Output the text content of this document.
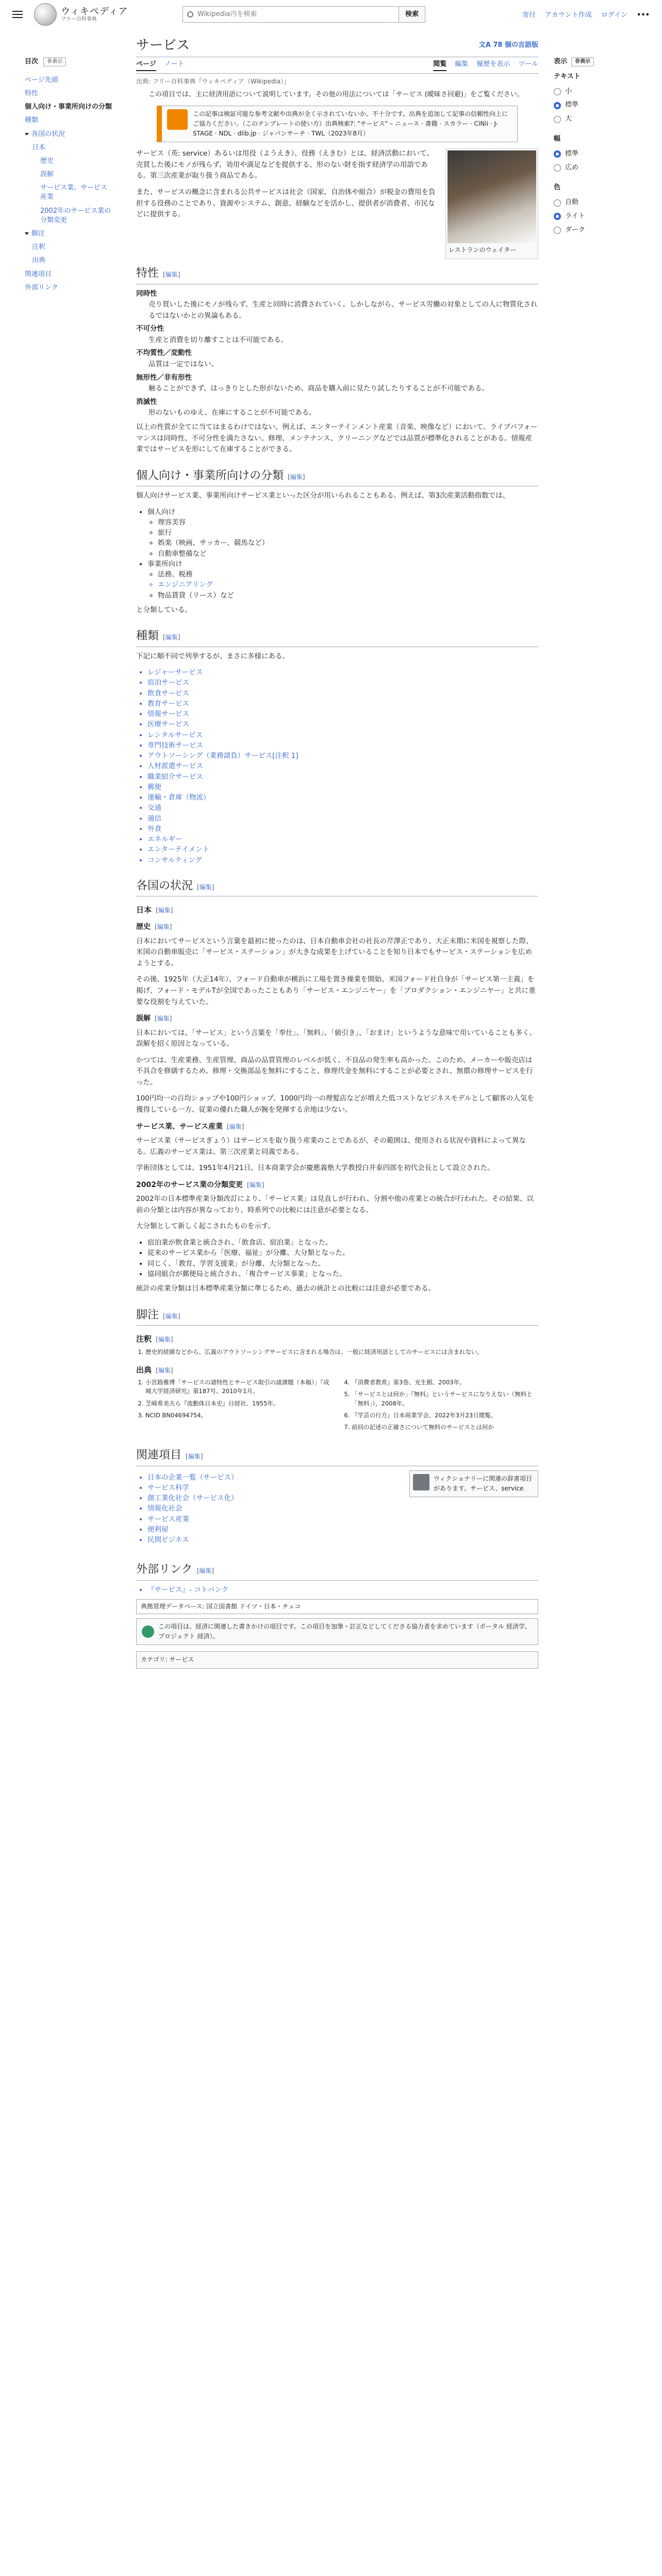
ウィキペディア
フリー百科事典
Wikipedia内を検索	検索	寄付 アカウント作成 ログイン •••
目次	非表示
ページ先頭
特性
個人向け・事業所向けの分類
種類
各国の状況
日本
歴史
誤解
サービス業、サービス産業
2002年のサービス業の分類変更
脚注
注釈
出典
関連項目
外部リンク
表示	非表示
テキスト
小
標準
大
幅
標準
広め
色
自動
ライト
ダーク
サービス	文A 78 個の言語版
ページ ノート	閲覧 編集 履歴を表示 ツール
出典: フリー百科事典『ウィキペディア（Wikipedia）』
この項目では、主に経済用語について説明しています。その他の用法については「サービス (曖昧さ回避)」をご覧ください。
この記事は検証可能な参考文献や出典が全く示されていないか、不十分です。出典を追加して記事の信頼性向上にご協力ください。（このテンプレートの使い方）出典検索?: "サービス" – ニュース · 書籍 · スカラー · CiNii · J-STAGE · NDL · dlib.jp · ジャパンサーチ · TWL（2023年8月）
レストランのウェイター

サービス（英: service）あるいは用役（ようえき）、役務（えきむ）とは、経済活動において、売買した後にモノが残らず、効用や満足などを提供する、形のない財を指す経済学の用語である。第三次産業が取り扱う商品である。

また、サービスの概念に含まれる公共サービスは社会（国家、自治体や組合）が税金の費用を負担する役務のことであり、資源やシステム、創意、経験などを活かし、提供者が消費者、市民などに提供する。

特性 [編集]
同時性
売り買いした後にモノが残らず、生産と同時に消費されていく。しかしながら、サービス労働の対象としての人に物質化されるではないかとの異論もある。
不可分性
生産と消費を切り離すことは不可能である。
不均質性／変動性
品質は一定ではない。
無形性／非有形性
触ることができず、はっきりとした形がないため、商品を購入前に見たり試したりすることが不可能である。
消滅性
形のないものゆえ、在庫にすることが不可能である。

以上の性質が全てに当てはまるわけではない。例えば、エンターテインメント産業（音楽、映像など）において、ライブパフォーマンスは同時性、不可分性を満たさない。修理、メンテナンス、クリーニングなどでは品質が標準化されることがある。情報産業ではサービスを形にして在庫することができる。

個人向け・事業所向けの分類 [編集]

個人向けサービス業、事業所向けサービス業といった区分が用いられることもある。例えば、第3次産業活動指数では、

• 個人向け
◦ 理容美容
◦ 旅行
◦ 娯楽（映画、サッカー、競馬など）
◦ 自動車整備など
• 事業所向け
◦ 法務、税務
◦ エンジニアリング
◦ 物品賃貸（リース）など

と分類している。

種類 [編集]

下記に順不同で列挙するが、まさに多様にある。

• レジャーサービス
• 宿泊サービス
• 飲食サービス
• 教育サービス
• 情報サービス
• 医療サービス
• レンタルサービス
• 専門技術サービス
• アウトソーシング（業務請負）サービス[注釈 1]
• 人材派遣サービス
• 職業紹介サービス
• 郵便
• 運輸・倉庫（物流）
• 交通
• 通信
• 外食
• エネルギー
• エンターテイメント
• コンサルティング
各国の状況 [編集]
日本 [編集]
歴史 [編集]

日本においてサービスという言葉を最初に使ったのは、日本自動車会社の社長の芹澤正であり、大正末期に米国を視察した際、米国の自動車販売に「サービス・ステーション」が大きな成果を上げていることを知り日本でもサービス・ステーションを広めようとする。

その後、1925年（大正14年）、フォード自動車が横浜に工場を置き操業を開始、米国フォード社自身が「サービス第一主義」を掲げ、フォード・モデルTが全国であったこともあり「サービス・エンジニヤー」を「プロダクション・エンジニヤー」と共に重要な役割を与えていた。

誤解 [編集]

日本においては、「サービス」という言葉を「奉仕」、「無料」、「値引き」、「おまけ」というような意味で用いていることも多く、誤解を招く原因となっている。

かつては、生産業務、生産管理、商品の品質管理のレベルが低く、不良品の発生率も高かった。このため、メーカーや販売店は不具合を修繕するため、修理・交換部品を無料にすること、修理代金を無料にすることが必要とされ、無償の修理サービスを行った。

100円均一の百均ショップや100円ショップ、1000円均一の理髪店などが増えた低コストなビジネスモデルとして顧客の人気を獲得している一方、従業の優れた職人が腕を発揮する余地は少ない。

サービス業、サービス産業 [編集]

サービス業（サービスぎょう）はサービスを取り扱う産業のことであるが、その範囲は、使用される状況や資料によって異なる。広義のサービス業は、第三次産業と同義である。

学術団体としては、1951年4月21日、日本商業学会が慶應義塾大学教授白井泰四郎を初代会長として設立された。

2002年のサービス業の分類変更 [編集]

2002年の日本標準産業分類改訂により、「サービス業」は見直しが行われ、分割や他の産業との統合が行われた。その結果、以前の分類とは内容が異なっており、時系列での比較には注意が必要となる。

大分類として新しく起こされたものを示す。

• 宿泊業が飲食業と統合され、「飲食店、宿泊業」となった。
• 従来のサービス業から「医療、福祉」が分離、大分類となった。
• 同じく、「教育、学習支援業」が分離、大分類となった。
• 協同組合が郵便局と統合され、「複合サービス事業」となった。

統計の産業分類は日本標準産業分類に準じるため、過去の統計との比較には注意が必要である。

脚注 [編集]
注釈 [編集]
1. 歴史的経緯などから、広義のアウトソーシングサービスに含まれる場合は、一般に経済用語としてのサービスには含まれない。
出典 [編集]
1. 小宮路雅博「サービスの諸特性とサービス取引の諸課題（本稿）」『成城大学経済研究』第187号、2010年1月。
2. 芝崎希美夫ら『流動体日本史』日経社、1955年。
3. NCID BN04694754。
4. 『消費者教育』第3巻、光生館、2003年。
5. 「サービスとは何か」『無料』というサービスになりえない（無料と「無料」），2008年。
6. 『学芸の行方』日本商業学会、2022年3月23日閲覧。
7. 前回の記述の正確さについて無料のサービスとは何か
関連項目 [編集]
• 日本の企業一覧（サービス）
• サービス科学
• 創工業化社会（サービス化）
• 情報化社会
• サービス産業
• 便利屋
• 民間ビジネス
ウィクショナリーに関連の辞書項目があります。サービス、service
外部リンク [編集]
• 『サービス』- コトバンク
典拠管理データベース: 国立図書館 ドイツ・日本・チェコ
この項目は、経済に関連した書きかけの項目です。この項目を加筆・訂正などしてくださる協力者を求めています（ポータル 経済学、プロジェクト 経済）。
カテゴリ: サービス
